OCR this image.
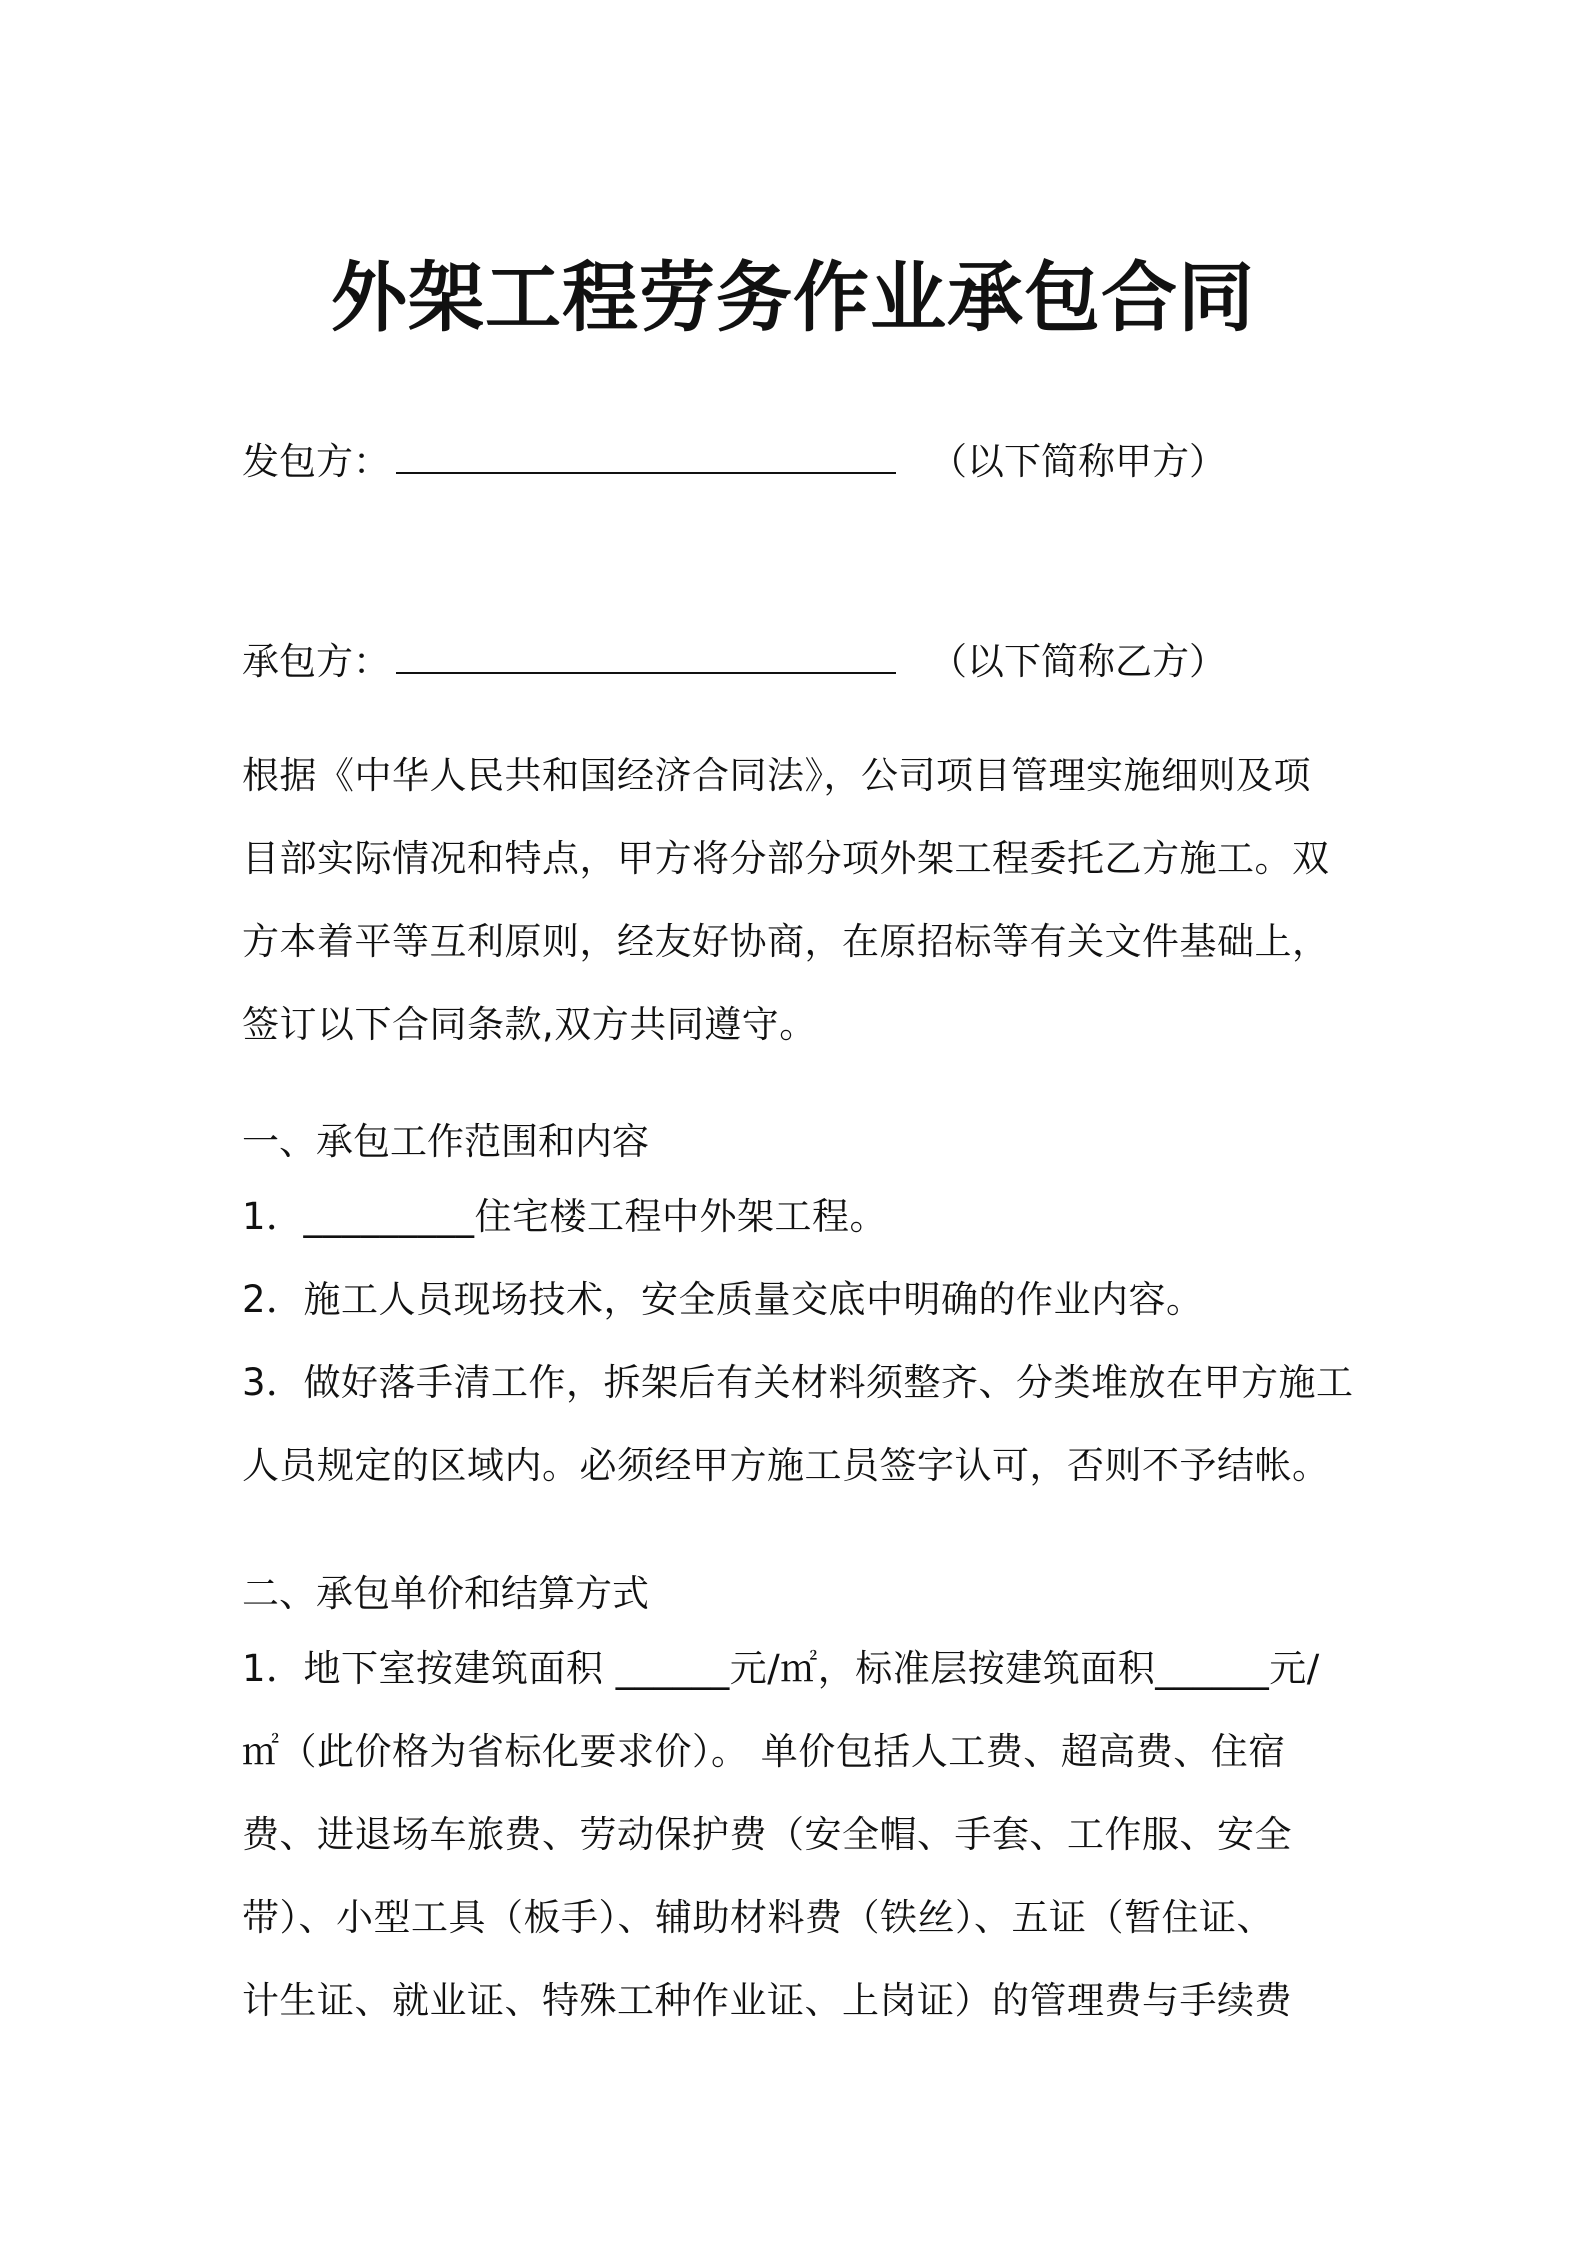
外架工程劳务作业承包合同
发包方：	（以下简称甲方）
承包方：	（以下简称乙方）
根据《中华人民共和国经济合同法》，公司项目管理实施细则及项
目部实际情况和特点，甲方将分部分项外架工程委托乙方施工。双
方本着平等互利原则，经友好协商，在原招标等有关文件基础上，
签订以下合同条款,双方共同遵守。
一、承包工作范围和内容
1．_________住宅楼工程中外架工程。
2．施工人员现场技术，安全质量交底中明确的作业内容。
3．做好落手清工作，拆架后有关材料须整齐、分类堆放在甲方施工
人员规定的区域内。必须经甲方施工员签字认可，否则不予结帐。
二、承包单价和结算方式
1．地下室按建筑面积 ______元/㎡，标准层按建筑面积______元/
㎡（此价格为省标化要求价）。 单价包括人工费、超高费、住宿
费、进退场车旅费、劳动保护费（安全帽、手套、工作服、安全
带）、小型工具（板手）、辅助材料费（铁丝）、五证（暂住证、
计生证、就业证、特殊工种作业证、上岗证）的管理费与手续费
